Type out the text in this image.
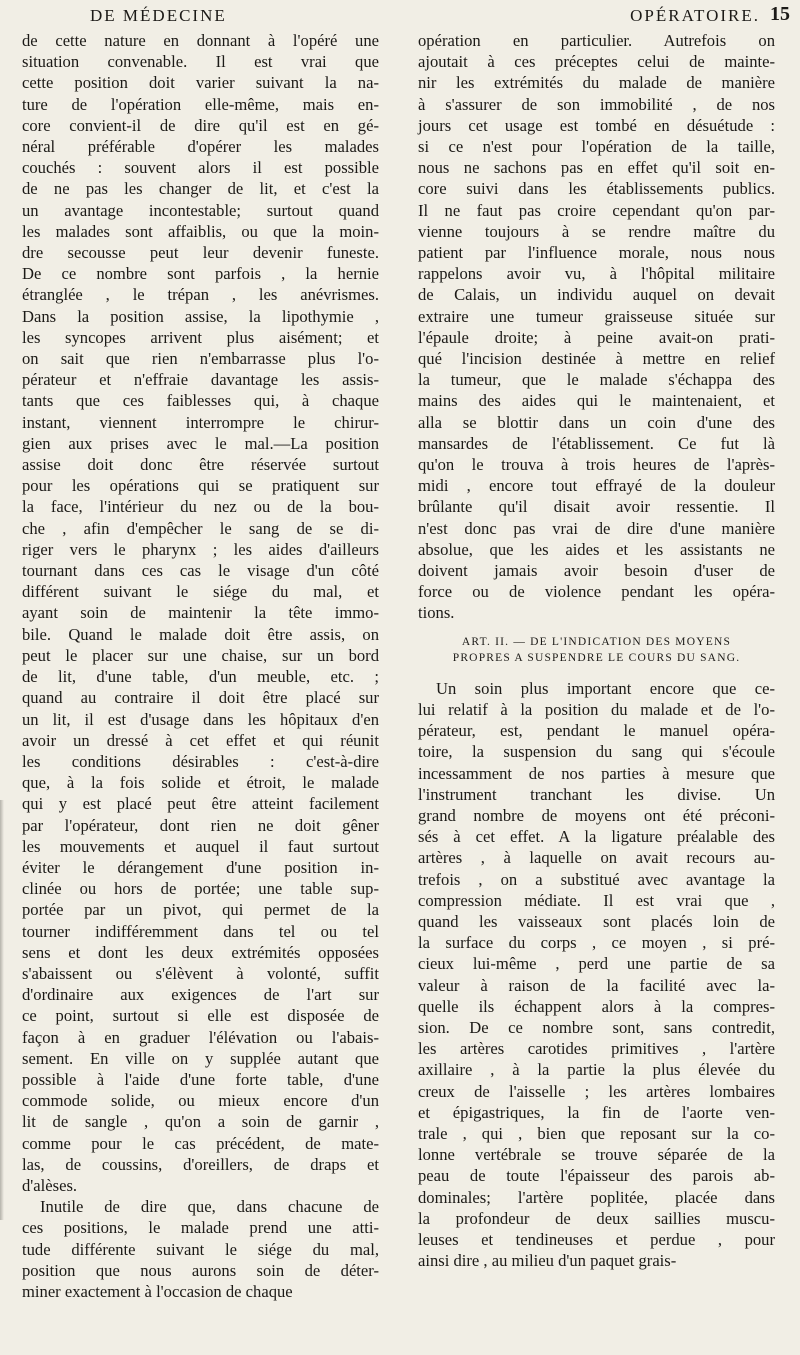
DE MÉDECINE	OPÉRATOIRE. 15

de cette nature en donnant à l'opéré une
situation convenable. Il est vrai que
cette position doit varier suivant la na-
ture de l'opération elle-même, mais en-
core convient-il de dire qu'il est en gé-
néral préférable d'opérer les malades
couchés : souvent alors il est possible
de ne pas les changer de lit, et c'est la
un avantage incontestable; surtout quand
les malades sont affaiblis, ou que la moin-
dre secousse peut leur devenir funeste.
De ce nombre sont parfois , la hernie
étranglée , le trépan , les anévrismes.
Dans la position assise, la lipothymie ,
les syncopes arrivent plus aisément; et
on sait que rien n'embarrasse plus l'o-
pérateur et n'effraie davantage les assis-
tants que ces faiblesses qui, à chaque
instant, viennent interrompre le chirur-
gien aux prises avec le mal.—La position
assise doit donc être réservée surtout
pour les opérations qui se pratiquent sur
la face, l'intérieur du nez ou de la bou-
che , afin d'empêcher le sang de se di-
riger vers le pharynx ; les aides d'ailleurs
tournant dans ces cas le visage d'un côté
différent suivant le siége du mal, et
ayant soin de maintenir la tête immo-
bile. Quand le malade doit être assis, on
peut le placer sur une chaise, sur un bord
de lit, d'une table, d'un meuble, etc. ;
quand au contraire il doit être placé sur
un lit, il est d'usage dans les hôpitaux d'en
avoir un dressé à cet effet et qui réunit
les conditions désirables : c'est-à-dire
que, à la fois solide et étroit, le malade
qui y est placé peut être atteint facilement
par l'opérateur, dont rien ne doit gêner
les mouvements et auquel il faut surtout
éviter le dérangement d'une position in-
clinée ou hors de portée; une table sup-
portée par un pivot, qui permet de la
tourner indifféremment dans tel ou tel
sens et dont les deux extrémités opposées
s'abaissent ou s'élèvent à volonté, suffit
d'ordinaire aux exigences de l'art sur
ce point, surtout si elle est disposée de
façon à en graduer l'élévation ou l'abais-
sement. En ville on y supplée autant que
possible à l'aide d'une forte table, d'une
commode solide, ou mieux encore d'un
lit de sangle , qu'on a soin de garnir ,
comme pour le cas précédent, de mate-
las, de coussins, d'oreillers, de draps et
d'alèses.

Inutile de dire que, dans chacune de
ces positions, le malade prend une atti-
tude différente suivant le siége du mal,
position que nous aurons soin de déter-
miner exactement à l'occasion de chaque

opération en particulier. Autrefois on
ajoutait à ces préceptes celui de mainte-
nir les extrémités du malade de manière
à s'assurer de son immobilité , de nos
jours cet usage est tombé en désuétude :
si ce n'est pour l'opération de la taille,
nous ne sachons pas en effet qu'il soit en-
core suivi dans les établissements publics.
Il ne faut pas croire cependant qu'on par-
vienne toujours à se rendre maître du
patient par l'influence morale, nous nous
rappelons avoir vu, à l'hôpital militaire
de Calais, un individu auquel on devait
extraire une tumeur graisseuse située sur
l'épaule droite; à peine avait-on prati-
qué l'incision destinée à mettre en relief
la tumeur, que le malade s'échappa des
mains des aides qui le maintenaient, et
alla se blottir dans un coin d'une des
mansardes de l'établissement. Ce fut là
qu'on le trouva à trois heures de l'après-
midi , encore tout effrayé de la douleur
brûlante qu'il disait avoir ressentie. Il
n'est donc pas vrai de dire d'une manière
absolue, que les aides et les assistants ne
doivent jamais avoir besoin d'user de
force ou de violence pendant les opéra-
tions.

ART. II. — DE L'INDICATION DES MOYENS
PROPRES A SUSPENDRE LE COURS DU SANG.

Un soin plus important encore que ce-
lui relatif à la position du malade et de l'o-
pérateur, est, pendant le manuel opéra-
toire, la suspension du sang qui s'écoule
incessamment de nos parties à mesure que
l'instrument tranchant les divise. Un
grand nombre de moyens ont été préconi-
sés à cet effet. A la ligature préalable des
artères , à laquelle on avait recours au-
trefois , on a substitué avec avantage la
compression médiate. Il est vrai que ,
quand les vaisseaux sont placés loin de
la surface du corps , ce moyen , si pré-
cieux lui-même , perd une partie de sa
valeur à raison de la facilité avec la-
quelle ils échappent alors à la compres-
sion. De ce nombre sont, sans contredit,
les artères carotides primitives , l'artère
axillaire , à la partie la plus élevée du
creux de l'aisselle ; les artères lombaires
et épigastriques, la fin de l'aorte ven-
trale , qui , bien que reposant sur la co-
lonne vertébrale se trouve séparée de la
peau de toute l'épaisseur des parois ab-
dominales; l'artère poplitée, placée dans
la profondeur de deux saillies muscu-
leuses et tendineuses et perdue , pour
ainsi dire , au milieu d'un paquet grais-
